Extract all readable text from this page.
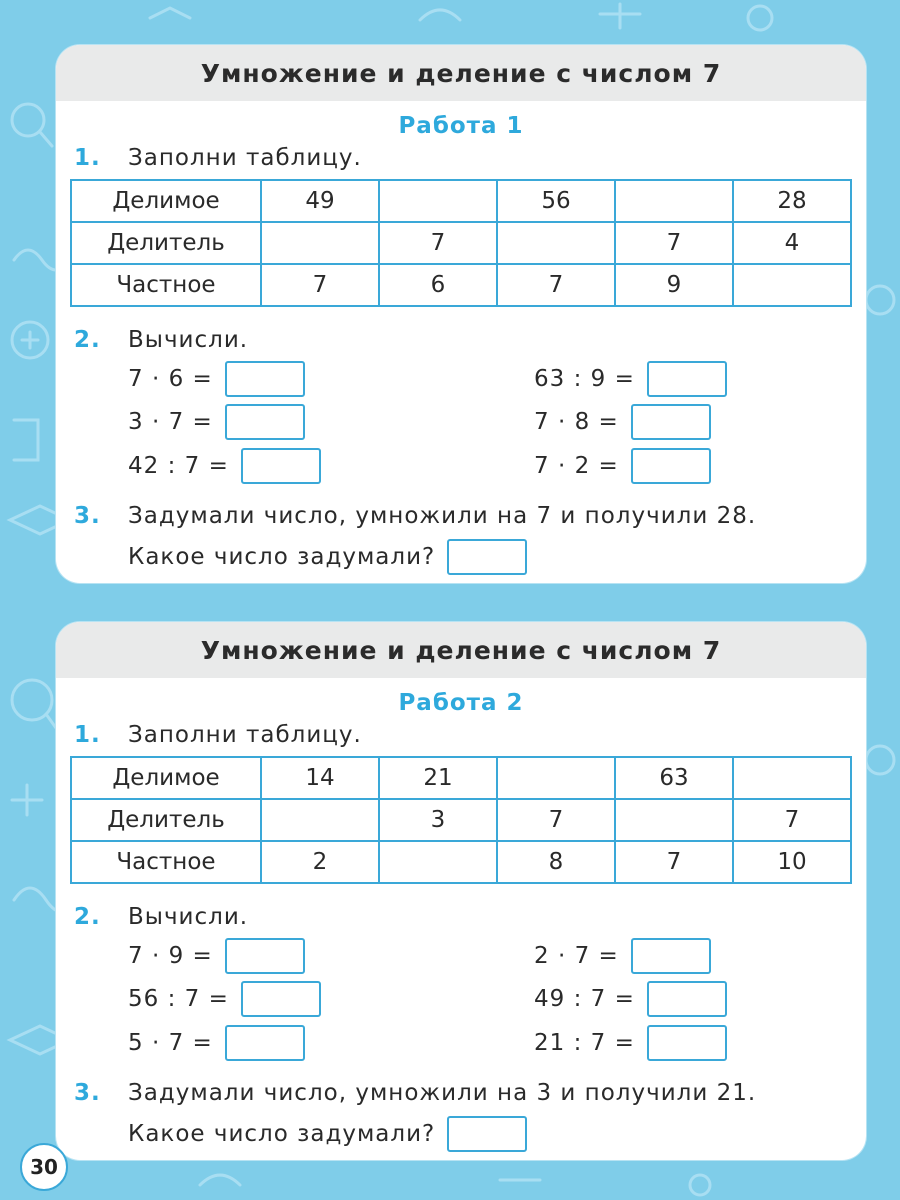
Умножение и деление с числом 7
Работа 1
1. Заполни таблицу.
Делимое	49		56		28
Делитель		7		7	4
Частное	7	6	7	9	
2. Вычисли.
7 · 6 =
3 · 7 =
42 : 7 =
63 : 9 =
7 · 8 =
7 · 2 =
3. Задумали число, умножили на 7 и получили 28.
Какое число задумали?
Умножение и деление с числом 7
Работа 2
1. Заполни таблицу.
Делимое	14	21		63	
Делитель		3	7		7
Частное	2		8	7	10
2. Вычисли.
7 · 9 =
56 : 7 =
5 · 7 =
2 · 7 =
49 : 7 =
21 : 7 =
3. Задумали число, умножили на 3 и получили 21.
Какое число задумали?
30
